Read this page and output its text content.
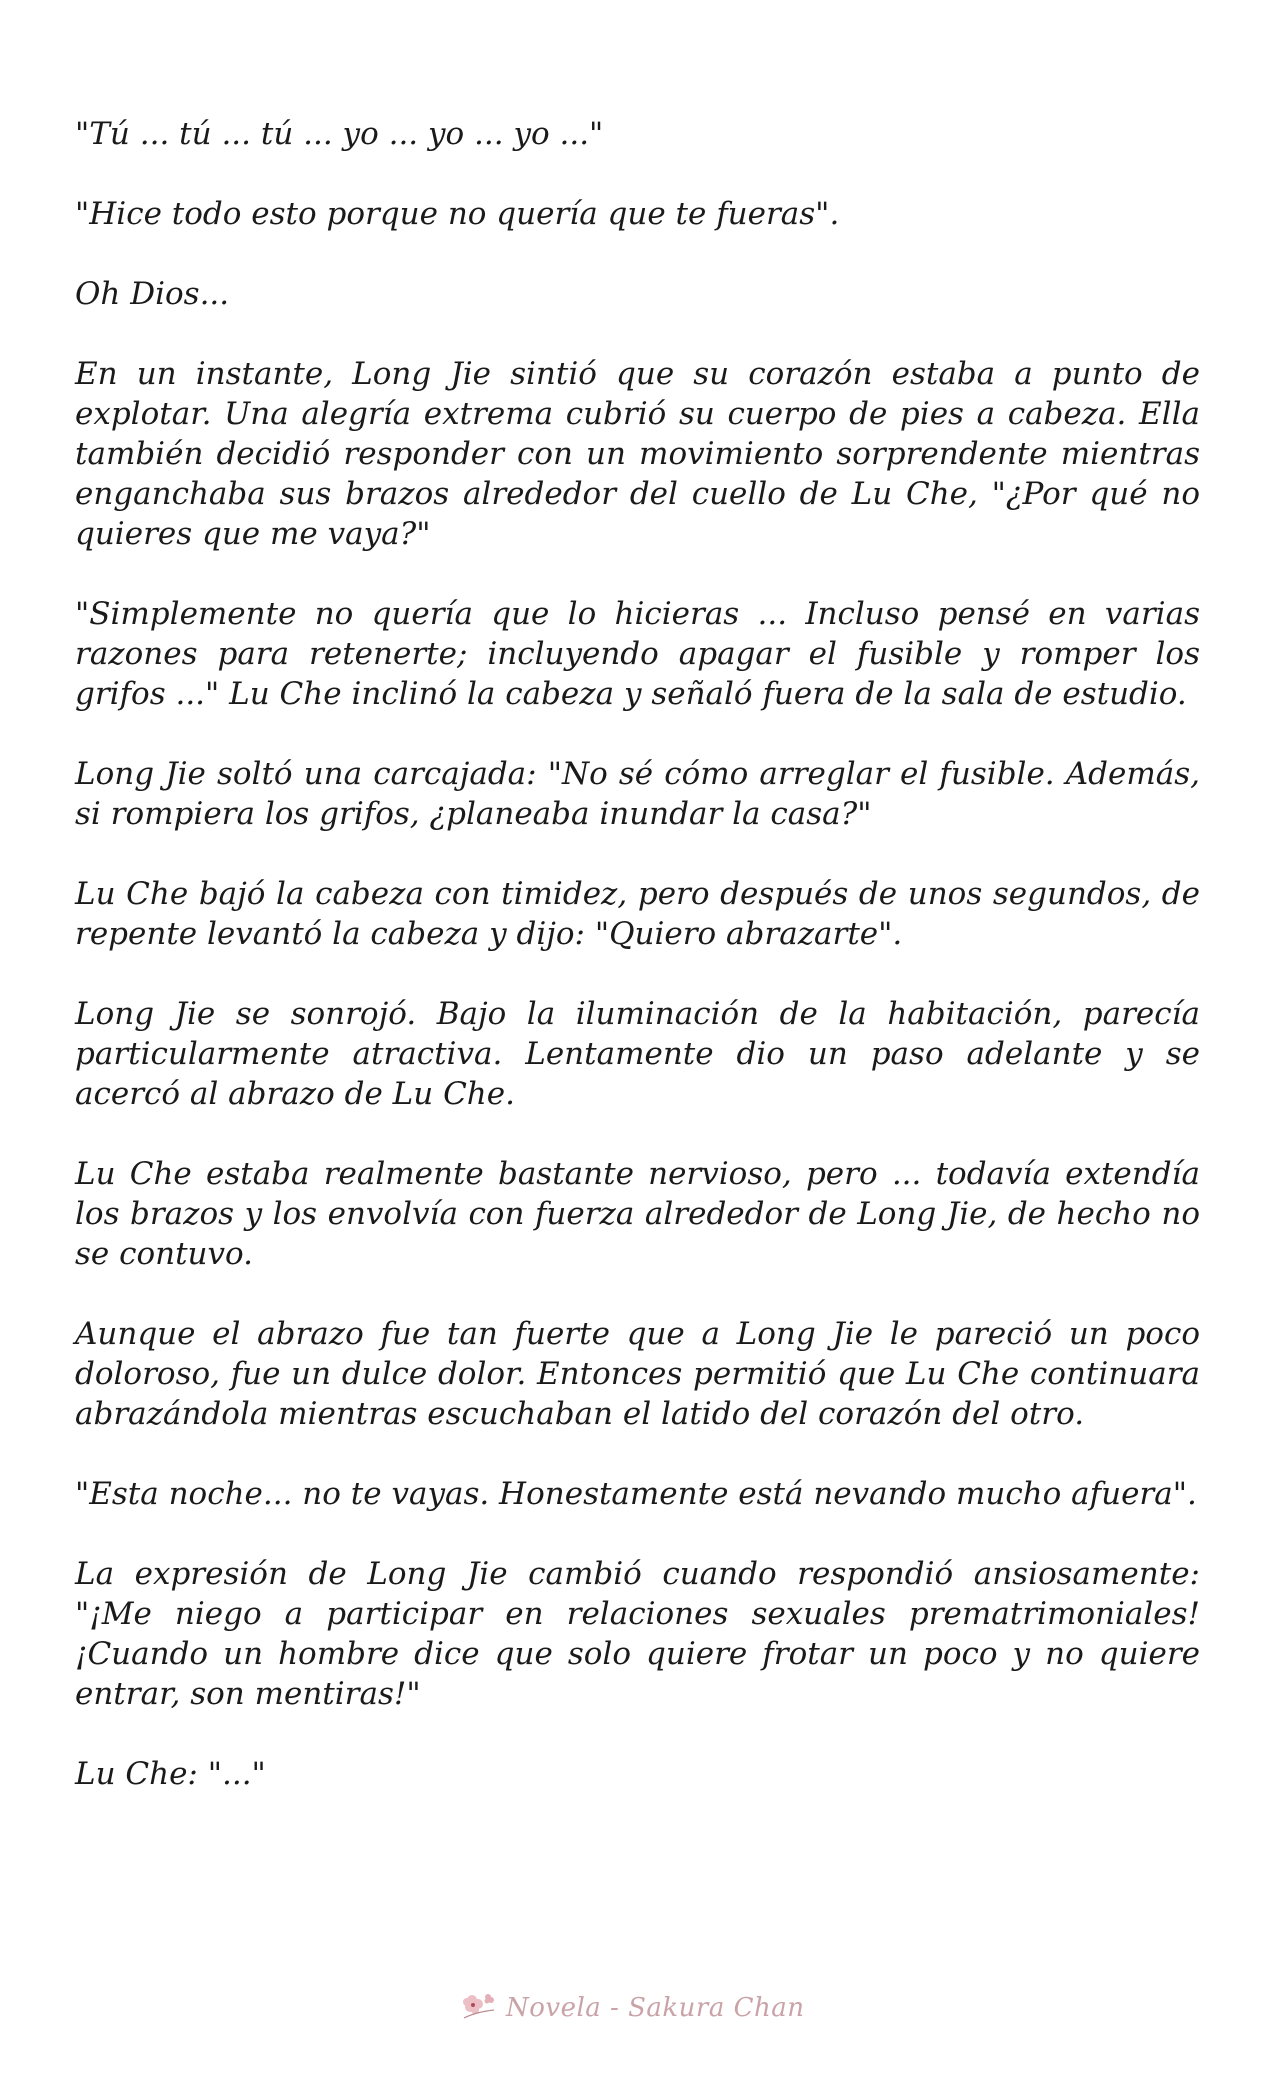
"Tú ... tú ... tú ... yo ... yo ... yo ..."

"Hice todo esto porque no quería que te fueras".

Oh Dios...

En un instante, Long Jie sintió que su corazón estaba a punto de explotar. Una alegría extrema cubrió su cuerpo de pies a cabeza. Ella también decidió responder con un movimiento sorprendente mientras enganchaba sus brazos alrededor del cuello de Lu Che, "¿Por qué no quieres que me vaya?"

"Simplemente no quería que lo hicieras ... Incluso pensé en varias razones para retenerte; incluyendo apagar el fusible y romper los grifos ..." Lu Che inclinó la cabeza y señaló fuera de la sala de estudio.

Long Jie soltó una carcajada: "No sé cómo arreglar el fusible. Además, si rompiera los grifos, ¿planeaba inundar la casa?"

Lu Che bajó la cabeza con timidez, pero después de unos segundos, de repente levantó la cabeza y dijo: "Quiero abrazarte".

Long Jie se sonrojó. Bajo la iluminación de la habitación, parecía particularmente atractiva. Lentamente dio un paso adelante y se acercó al abrazo de Lu Che.

Lu Che estaba realmente bastante nervioso, pero ... todavía extendía los brazos y los envolvía con fuerza alrededor de Long Jie, de hecho no se contuvo.

Aunque el abrazo fue tan fuerte que a Long Jie le pareció un poco doloroso, fue un dulce dolor. Entonces permitió que Lu Che continuara abrazándola mientras escuchaban el latido del corazón del otro.

"Esta noche... no te vayas. Honestamente está nevando mucho afuera".

La expresión de Long Jie cambió cuando respondió ansiosamente: "¡Me niego a participar en relaciones sexuales prematrimoniales! ¡Cuando un hombre dice que solo quiere frotar un poco y no quiere entrar, son mentiras!"

Lu Che: "..."

Novela - Sakura Chan
